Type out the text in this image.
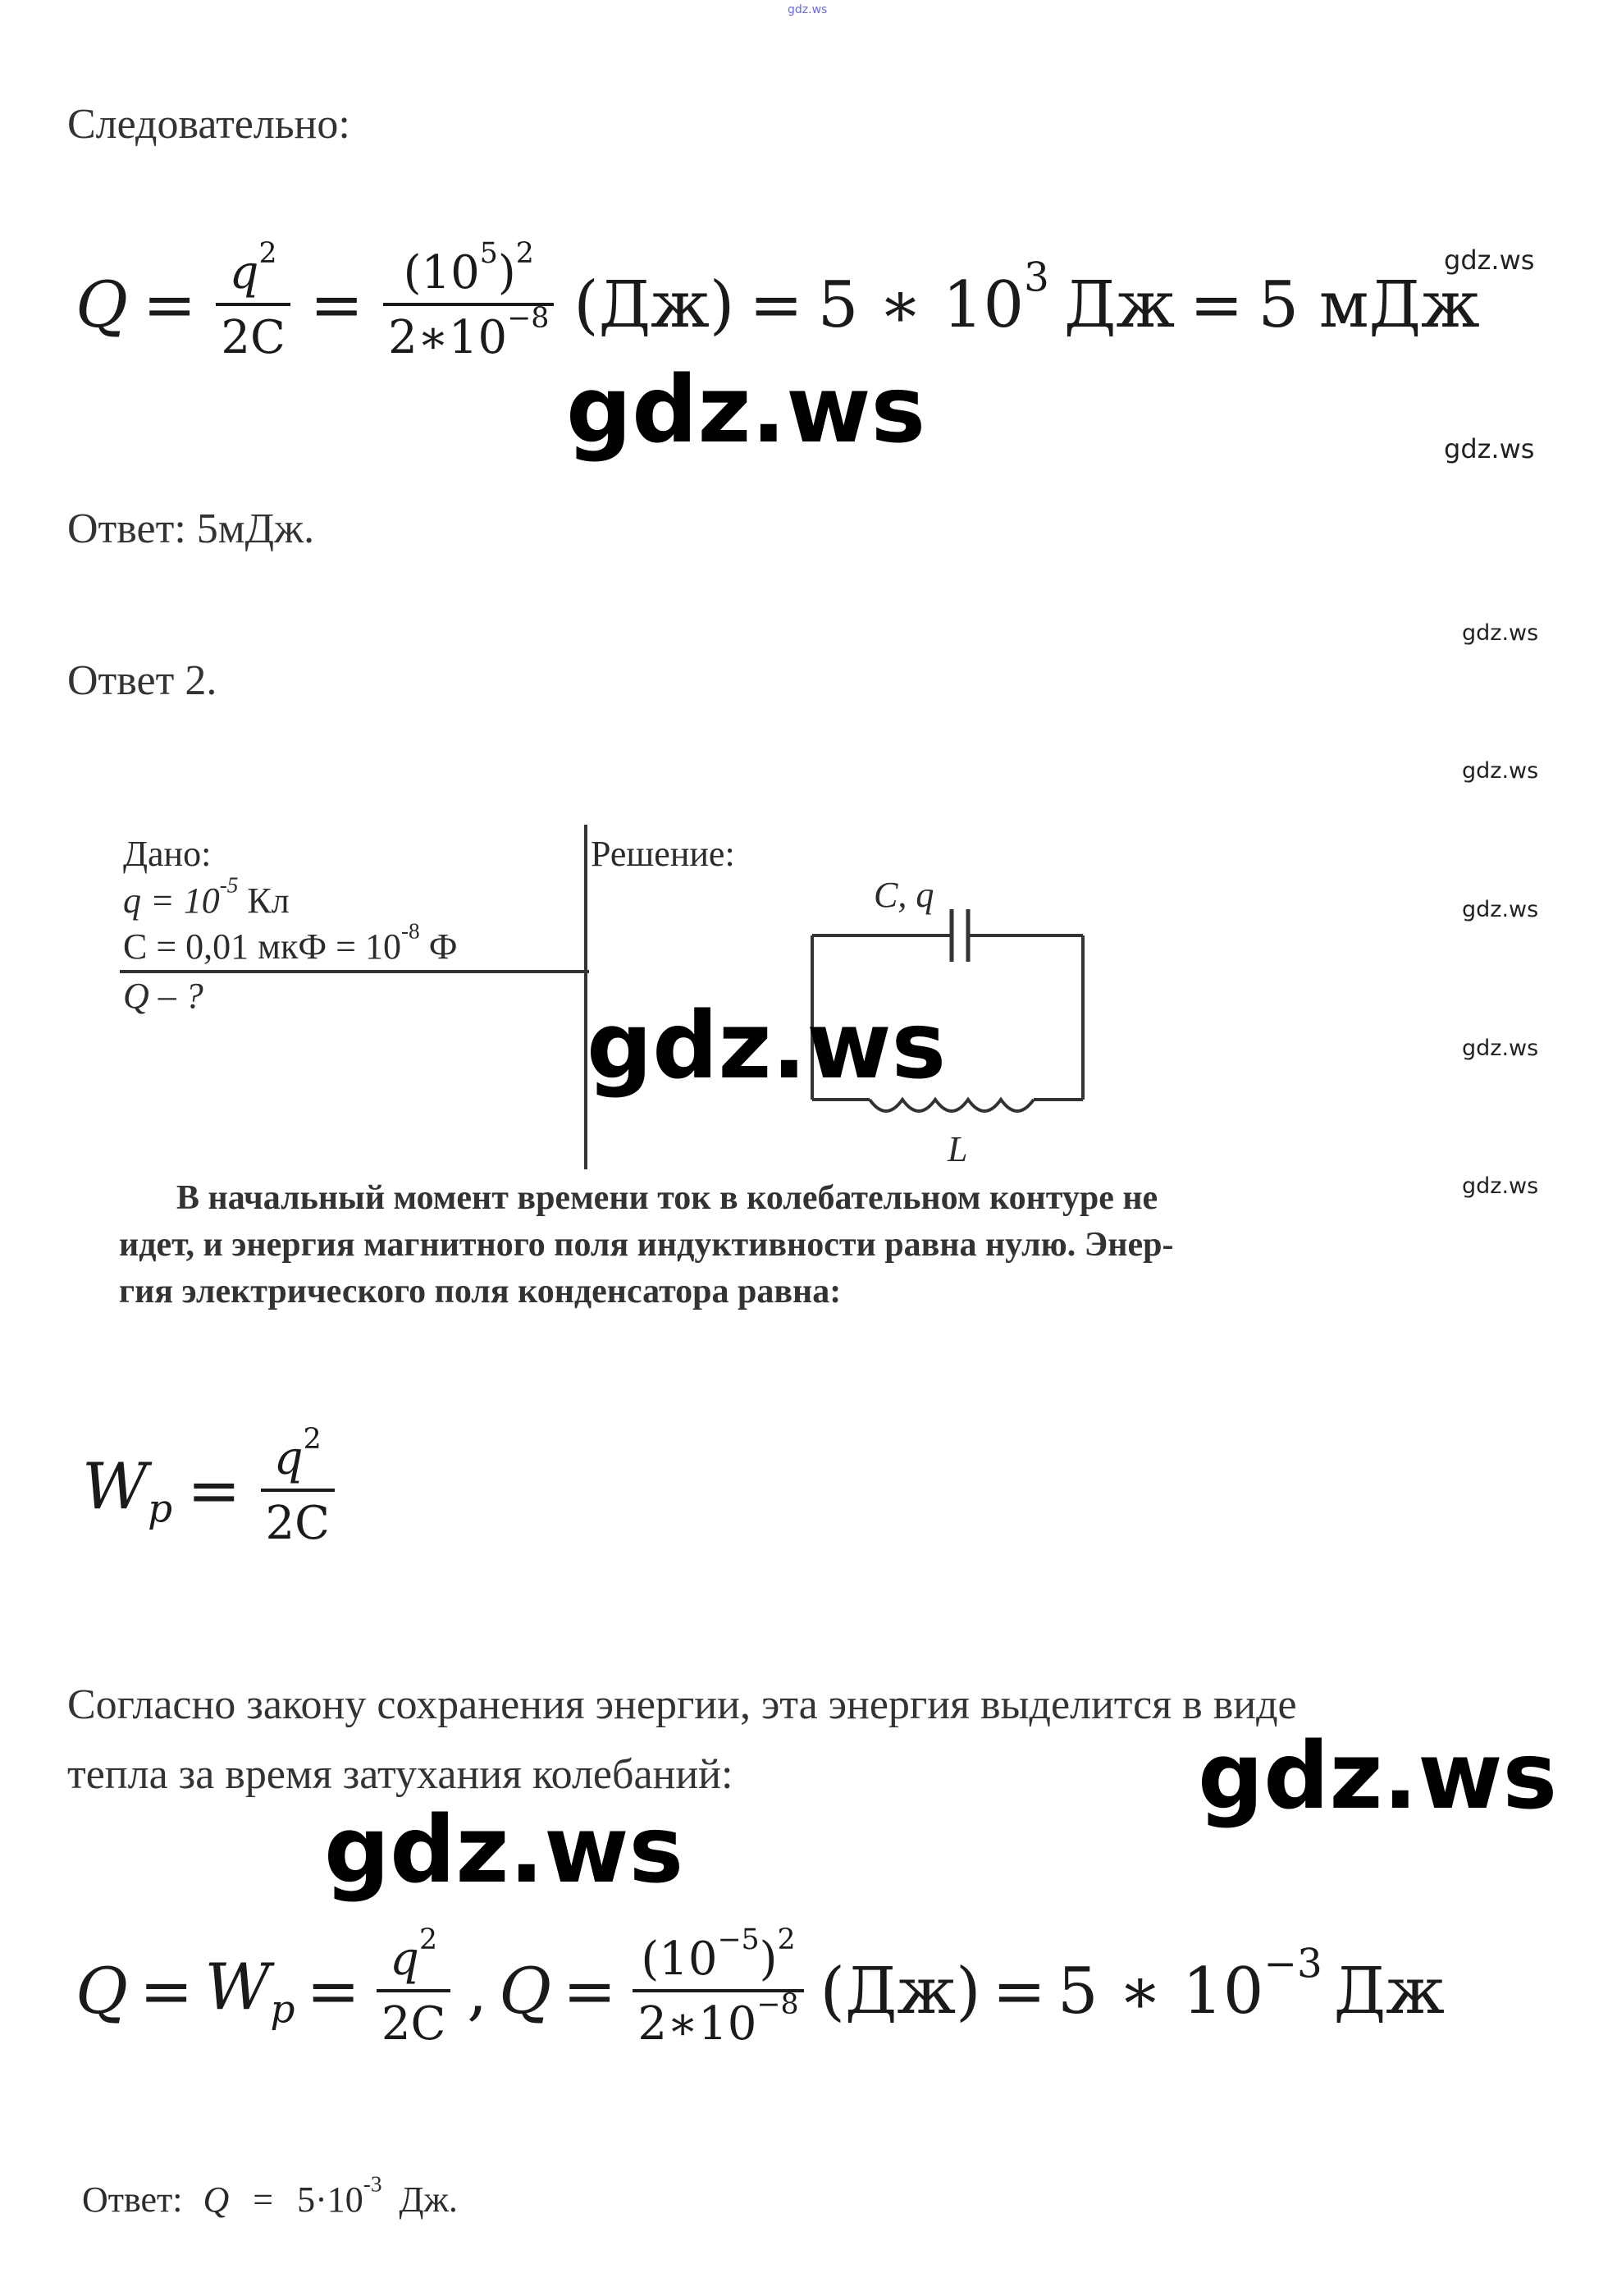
gdz.ws
Следовательно:
$Q = \frac{q^2}{2C} = \frac{(10^5)^2}{2∗10^{-8}} (Дж) = 5$ ∗ $10^3$ Дж = 5 мДж
Ответ: 5мДж.
Ответ 2.
Дано:
$q = 10^{-5}$ Кл
C = 0,01 мкФ = $10^{-8}$ Ф
Q – ?
Решение:
C, q
L
В начальный момент времени ток в колебательном контуре не
идет, и энергия магнитного поля индуктивности равна нулю. Энер-
гия электрического поля конденсатора равна:
$W_p = \frac{q^2}{2C}$
Согласно закону сохранения энергии, эта энергия выделится в виде
тепла за время затухания колебаний:
$Q = W_p = \frac{q^2}{2C}$ , $Q = \frac{(10^{-5})^2}{2∗10^{-8}} (Дж) = 5$ ∗ $10^{-3}$ Дж
Ответ: $Q = 5\cdot 10^{-3}$ Дж.
gdz.ws
gdz.ws
gdz.ws
gdz.ws
gdz.ws
gdz.ws
gdz.ws
gdz.ws
gdz.ws
gdz.ws
gdz.ws
